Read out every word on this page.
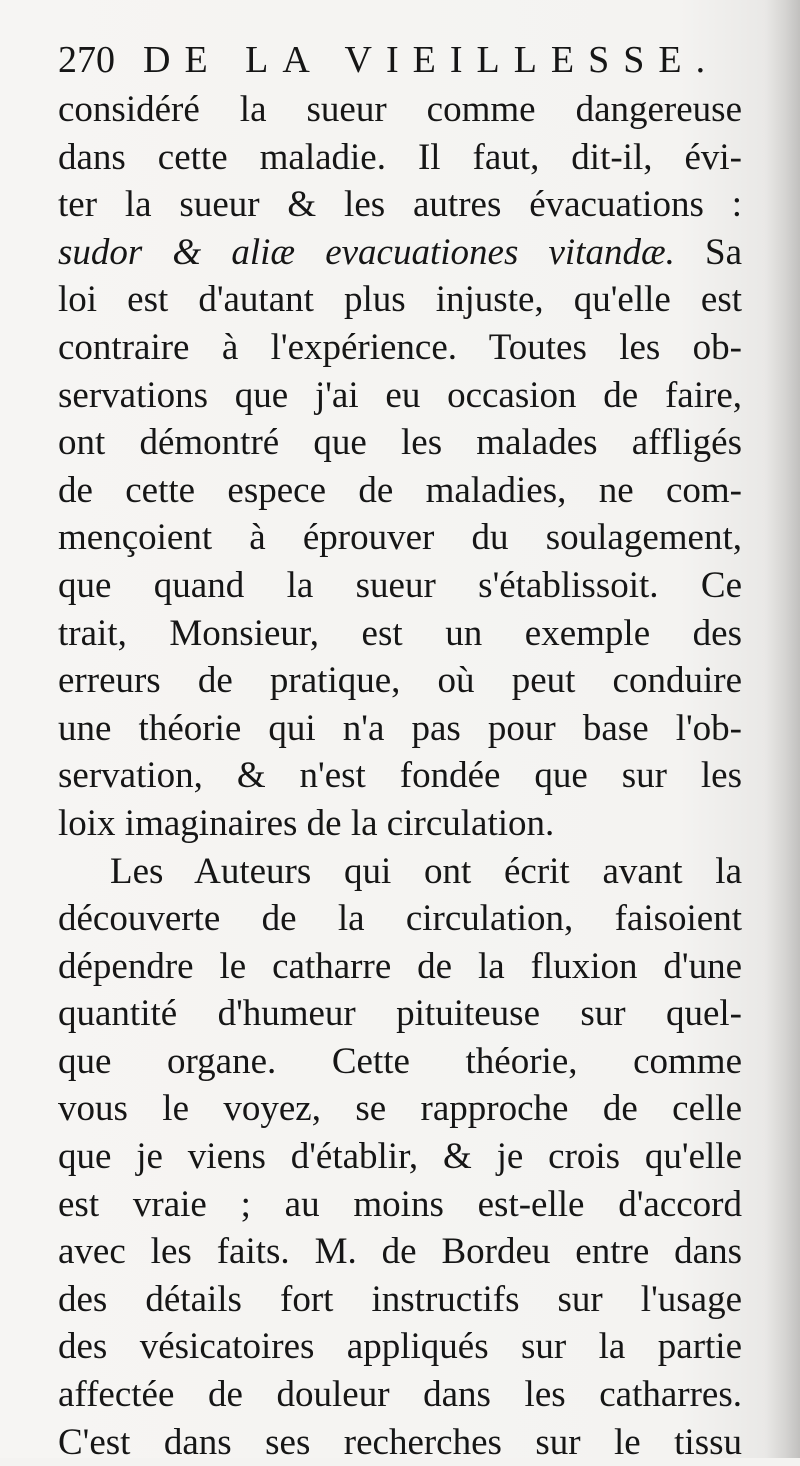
270 DE LA VIEILLESSE.
considéré la sueur comme dangereuse
dans cette maladie. Il faut, dit-il, évi-
ter la sueur & les autres évacuations :
sudor & aliæ evacuationes vitandæ. Sa
loi est d'autant plus injuste, qu'elle est
contraire à l'expérience. Toutes les ob-
servations que j'ai eu occasion de faire,
ont démontré que les malades affligés
de cette espece de maladies, ne com-
mençoient à éprouver du soulagement,
que quand la sueur s'établissoit. Ce
trait, Monsieur, est un exemple des
erreurs de pratique, où peut conduire
une théorie qui n'a pas pour base l'ob-
servation, & n'est fondée que sur les
loix imaginaires de la circulation.
Les Auteurs qui ont écrit avant la
découverte de la circulation, faisoient
dépendre le catharre de la fluxion d'une
quantité d'humeur pituiteuse sur quel-
que organe. Cette théorie, comme
vous le voyez, se rapproche de celle
que je viens d'établir, & je crois qu'elle
est vraie ; au moins est-elle d'accord
avec les faits. M. de Bordeu entre dans
des détails fort instructifs sur l'usage
des vésicatoires appliqués sur la partie
affectée de douleur dans les catharres.
C'est dans ses recherches sur le tissu
